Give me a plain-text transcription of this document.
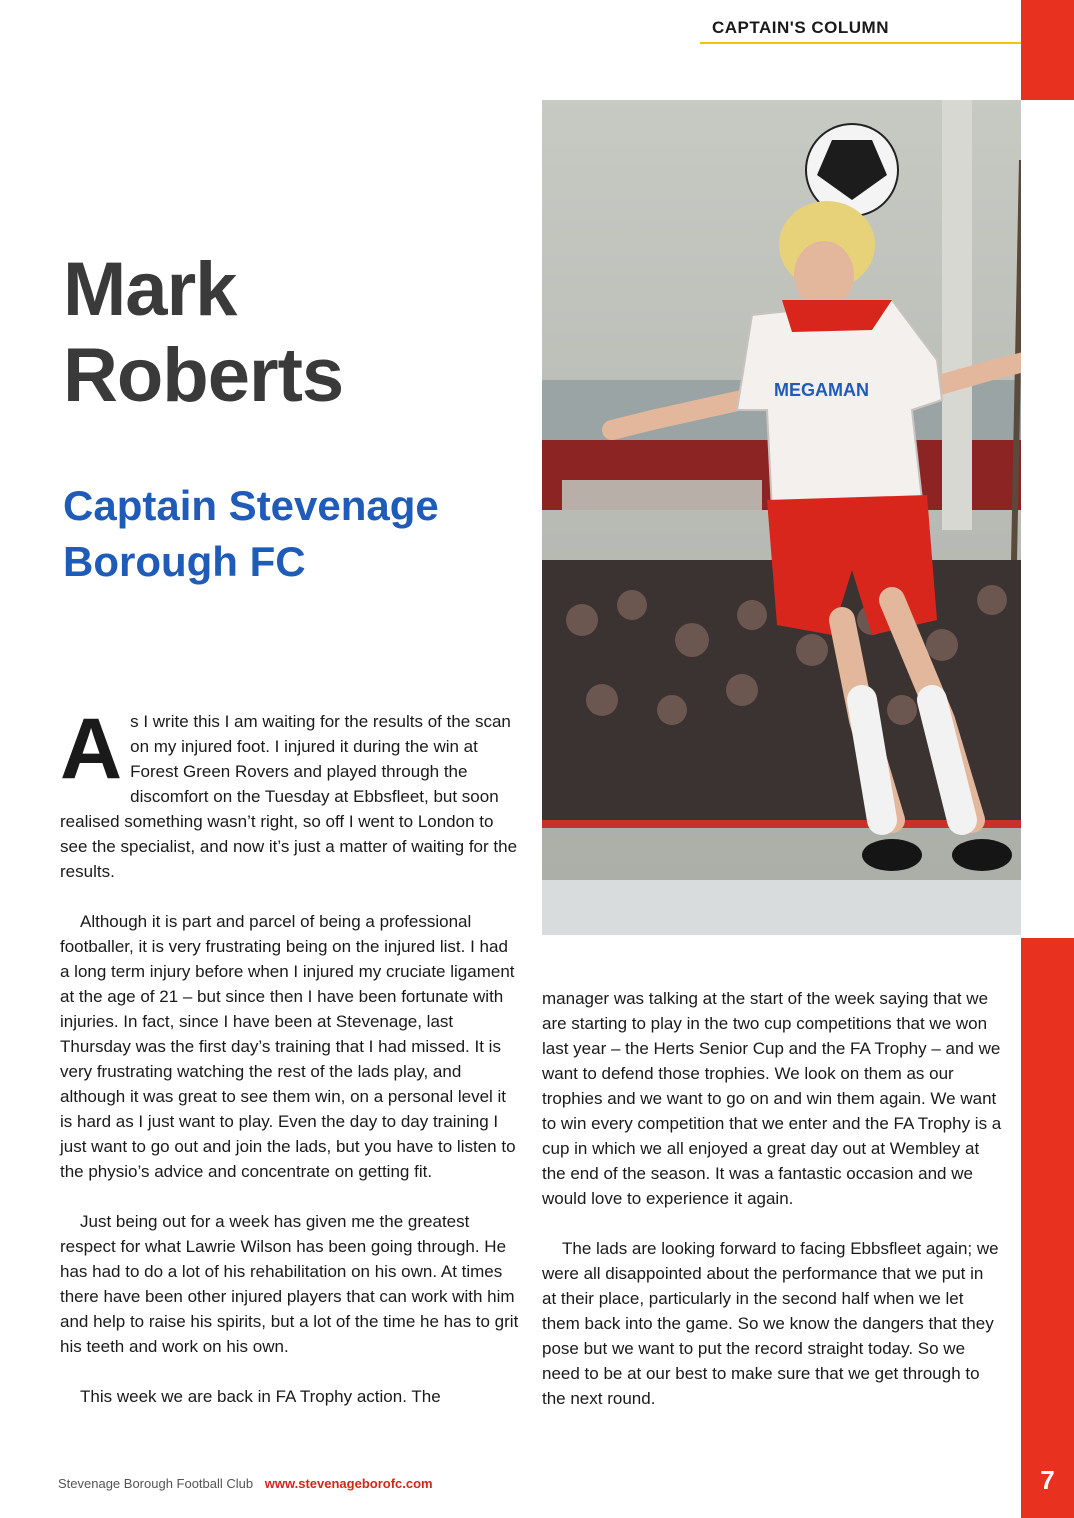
CAPTAIN'S COLUMN
Mark Roberts
Captain Stevenage Borough FC
MEGAMAN

As I write this I am waiting for the results of the scan on my injured foot. I injured it during the win at Forest Green Rovers and played through the discomfort on the Tuesday at Ebbsfleet, but soon realised something wasn’t right, so off I went to London to see the specialist, and now it’s just a matter of waiting for the results.

Although it is part and parcel of being a professional footballer, it is very frustrating being on the injured list. I had a long term injury before when I injured my cruciate ligament at the age of 21 – but since then I have been fortunate with injuries. In fact, since I have been at Stevenage, last Thursday was the first day’s training that I had missed. It is very frustrating watching the rest of the lads play, and although it was great to see them win, on a personal level it is hard as I just want to play. Even the day to day training I just want to go out and join the lads, but you have to listen to the physio’s advice and concentrate on getting fit.

Just being out for a week has given me the greatest respect for what Lawrie Wilson has been going through. He has had to do a lot of his rehabilitation on his own. At times there have been other injured players that can work with him and help to raise his spirits, but a lot of the time he has to grit his teeth and work on his own.

This week we are back in FA Trophy action. The

manager was talking at the start of the week saying that we are starting to play in the two cup competitions that we won last year – the Herts Senior Cup and the FA Trophy – and we want to defend those trophies. We look on them as our trophies and we want to go on and win them again. We want to win every competition that we enter and the FA Trophy is a cup in which we all enjoyed a great day out at Wembley at the end of the season. It was a fantastic occasion and we would love to experience it again.

The lads are looking forward to facing Ebbsfleet again; we were all disappointed about the performance that we put in at their place, particularly in the second half when we let them back into the game. So we know the dangers that they pose but we want to put the record straight today. So we need to be at our best to make sure that we get through to the next round.

Stevenage Borough Football Club www.stevenageborofc.com	7
